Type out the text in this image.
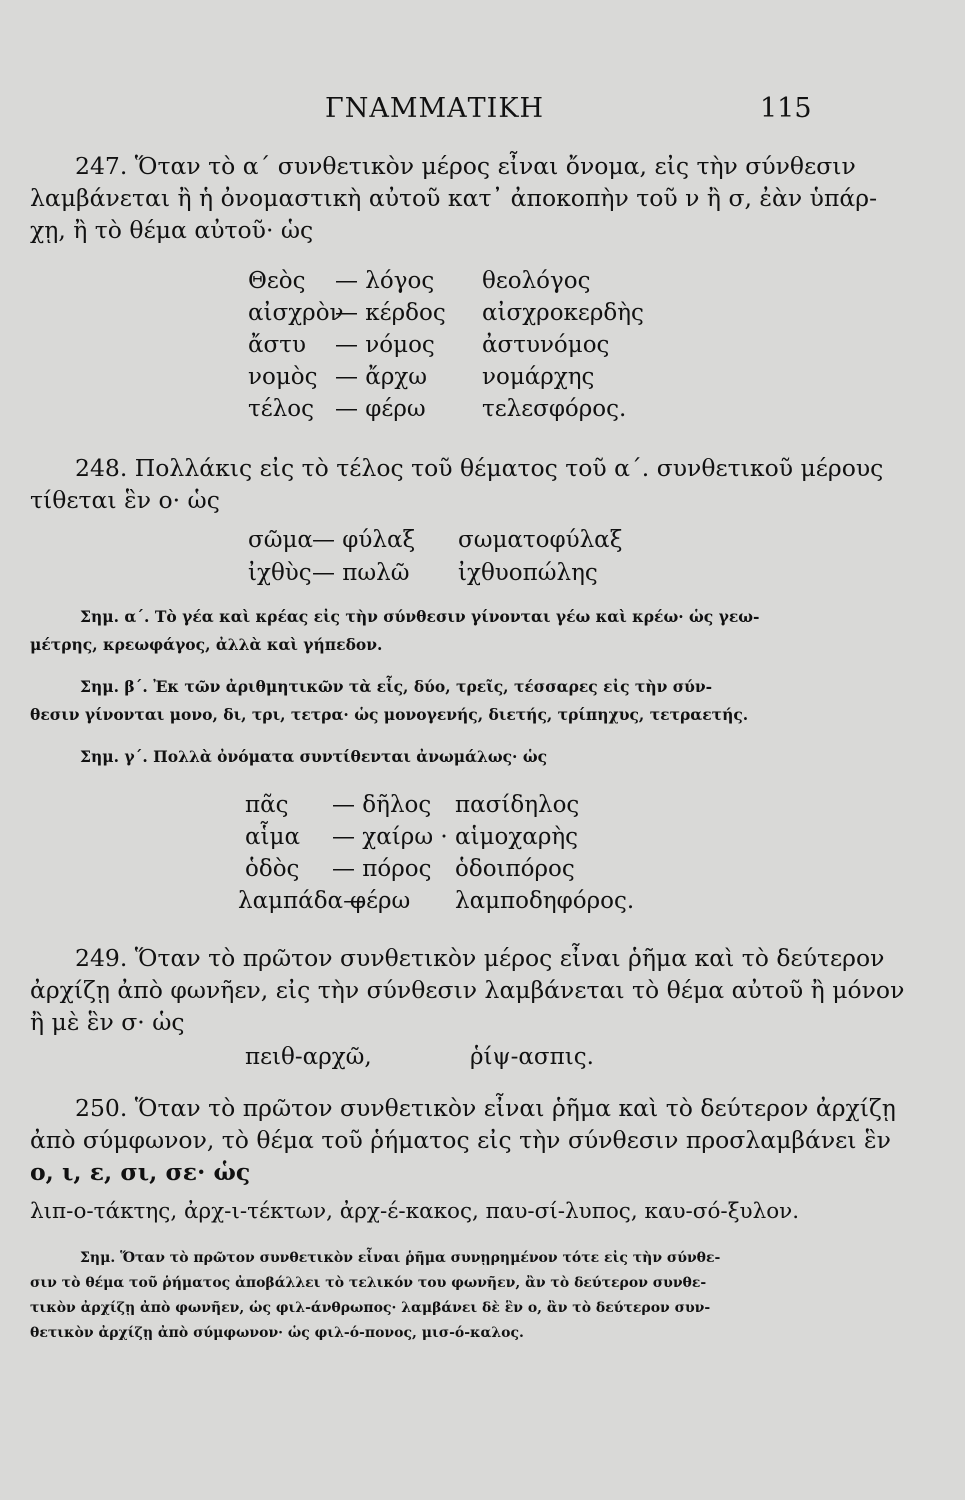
ΓΝΑΜΜΑΤΙΚΗ	115
247. Ὅταν τὸ α΄ συνθετικὸν μέρος εἶναι ὄνομα, εἰς τὴν σύνθεσιν
λαμβάνεται ἢ ἡ ὀνομαστικὴ αὐτοῦ κατ᾽ ἀποκοπὴν τοῦ ν ἢ σ, ἐὰν ὑπάρ-
χῃ, ἢ τὸ θέμα αὐτοῦ· ὡς
Θεὸς — λόγος θεολόγος
αἰσχρὸν
— κέρδος αἰσχροκερδὴς
ἄστυ — νόμος ἀστυνόμος
νομὸς — ἄρχω νομάρχης
τέλος — φέρω τελεσφόρος.
248. Πολλάκις εἰς τὸ τέλος τοῦ θέματος τοῦ α΄. συνθετικοῦ μέρους
τίθεται ἓν ο· ὡς
σῶμα — φύλαξ σωματοφύλαξ
ἰχθὺς — πωλῶ ἰχθυοπώλης
Σημ. α΄. Τὸ γέα καὶ κρέας εἰς τὴν σύνθεσιν γίνονται γέω καὶ κρέω· ὡς γεω-
μέτρης, κρεωφάγος, ἀλλὰ καὶ γήπεδον.
Σημ. β΄. Ἐκ τῶν ἀριθμητικῶν τὰ εἷς, δύο, τρεῖς, τέσσαρες εἰς τὴν σύν-
θεσιν γίνονται μονο, δι, τρι, τετρα· ὡς μονογενής, διετής, τρίπηχυς, τετραετής.
Σημ. γ΄. Πολλὰ ὀνόματα συντίθενται ἀνωμάλως· ὡς
πᾶς — δῆλος πασίδηλος
αἷμα — χαίρω · αἱμοχαρὴς
ὁδὸς — πόρος ὁδοιπόρος
λαμπάδα—
φέρω λαμποδηφόρος.
249. Ὅταν τὸ πρῶτον συνθετικὸν μέρος εἶναι ῥῆμα καὶ τὸ δεύτερον
ἀρχίζῃ ἀπὸ φωνῆεν, εἰς τὴν σύνθεσιν λαμβάνεται τὸ θέμα αὐτοῦ ἢ μόνον
ἢ μὲ ἓν σ· ὡς
πειθ-αρχῶ,	ῥίψ-ασπις.
250. Ὅταν τὸ πρῶτον συνθετικὸν εἶναι ῥῆμα καὶ τὸ δεύτερον ἀρχίζῃ
ἀπὸ σύμφωνον, τὸ θέμα τοῦ ῥήματος εἰς τὴν σύνθεσιν προσλαμβάνει ἓν
ο, ι, ε, σι, σε· ὡς
λιπ-ο-τάκτης, ἀρχ-ι-τέκτων, ἀρχ-έ-κακος, παυ-σί-λυπος, καυ-σό-ξυλον.
Σημ. Ὅταν τὸ πρῶτον συνθετικὸν εἶναι ῥῆμα συνῃρημένον τότε εἰς τὴν σύνθε-
σιν τὸ θέμα τοῦ ῥήματος ἀποβάλλει τὸ τελικόν του φωνῆεν, ἂν τὸ δεύτερον συνθε-
τικὸν ἀρχίζῃ ἀπὸ φωνῆεν, ὡς φιλ-άνθρωπος· λαμβάνει δὲ ἓν ο, ἂν τὸ δεύτερον συν-
θετικὸν ἀρχίζῃ ἀπὸ σύμφωνον· ὡς φιλ-ό-πονος, μισ-ό-καλος.
